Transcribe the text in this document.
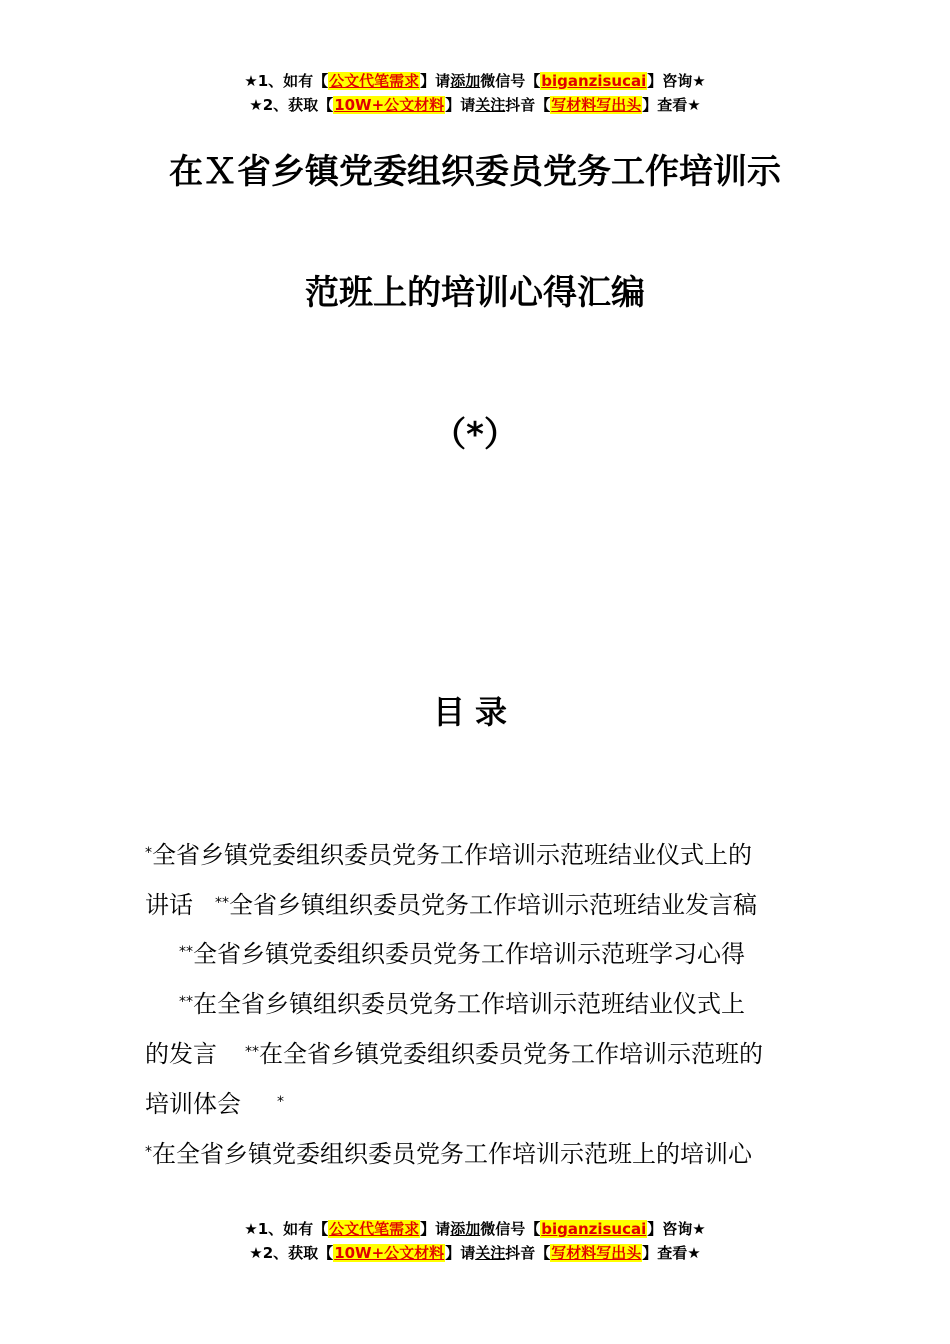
★1、如有【公文代笔需求】请添加微信号【biganzisucai】咨询★
★2、获取【10W+公文材料】请关注抖音【写材料写出头】查看★
在Ｘ省乡镇党委组织委员党务工作培训示
范班上的培训心得汇编
（*）
目录
*全省乡镇党委组织委员党务工作培训示范班结业仪式上的
讲话 **全省乡镇组织委员党务工作培训示范班结业发言稿
**全省乡镇党委组织委员党务工作培训示范班学习心得
**在全省乡镇组织委员党务工作培训示范班结业仪式上
的发言 **在全省乡镇党委组织委员党务工作培训示范班的
培训体会	*
*在全省乡镇党委组织委员党务工作培训示范班上的培训心
★1、如有【公文代笔需求】请添加微信号【biganzisucai】咨询★
★2、获取【10W+公文材料】请关注抖音【写材料写出头】查看★
